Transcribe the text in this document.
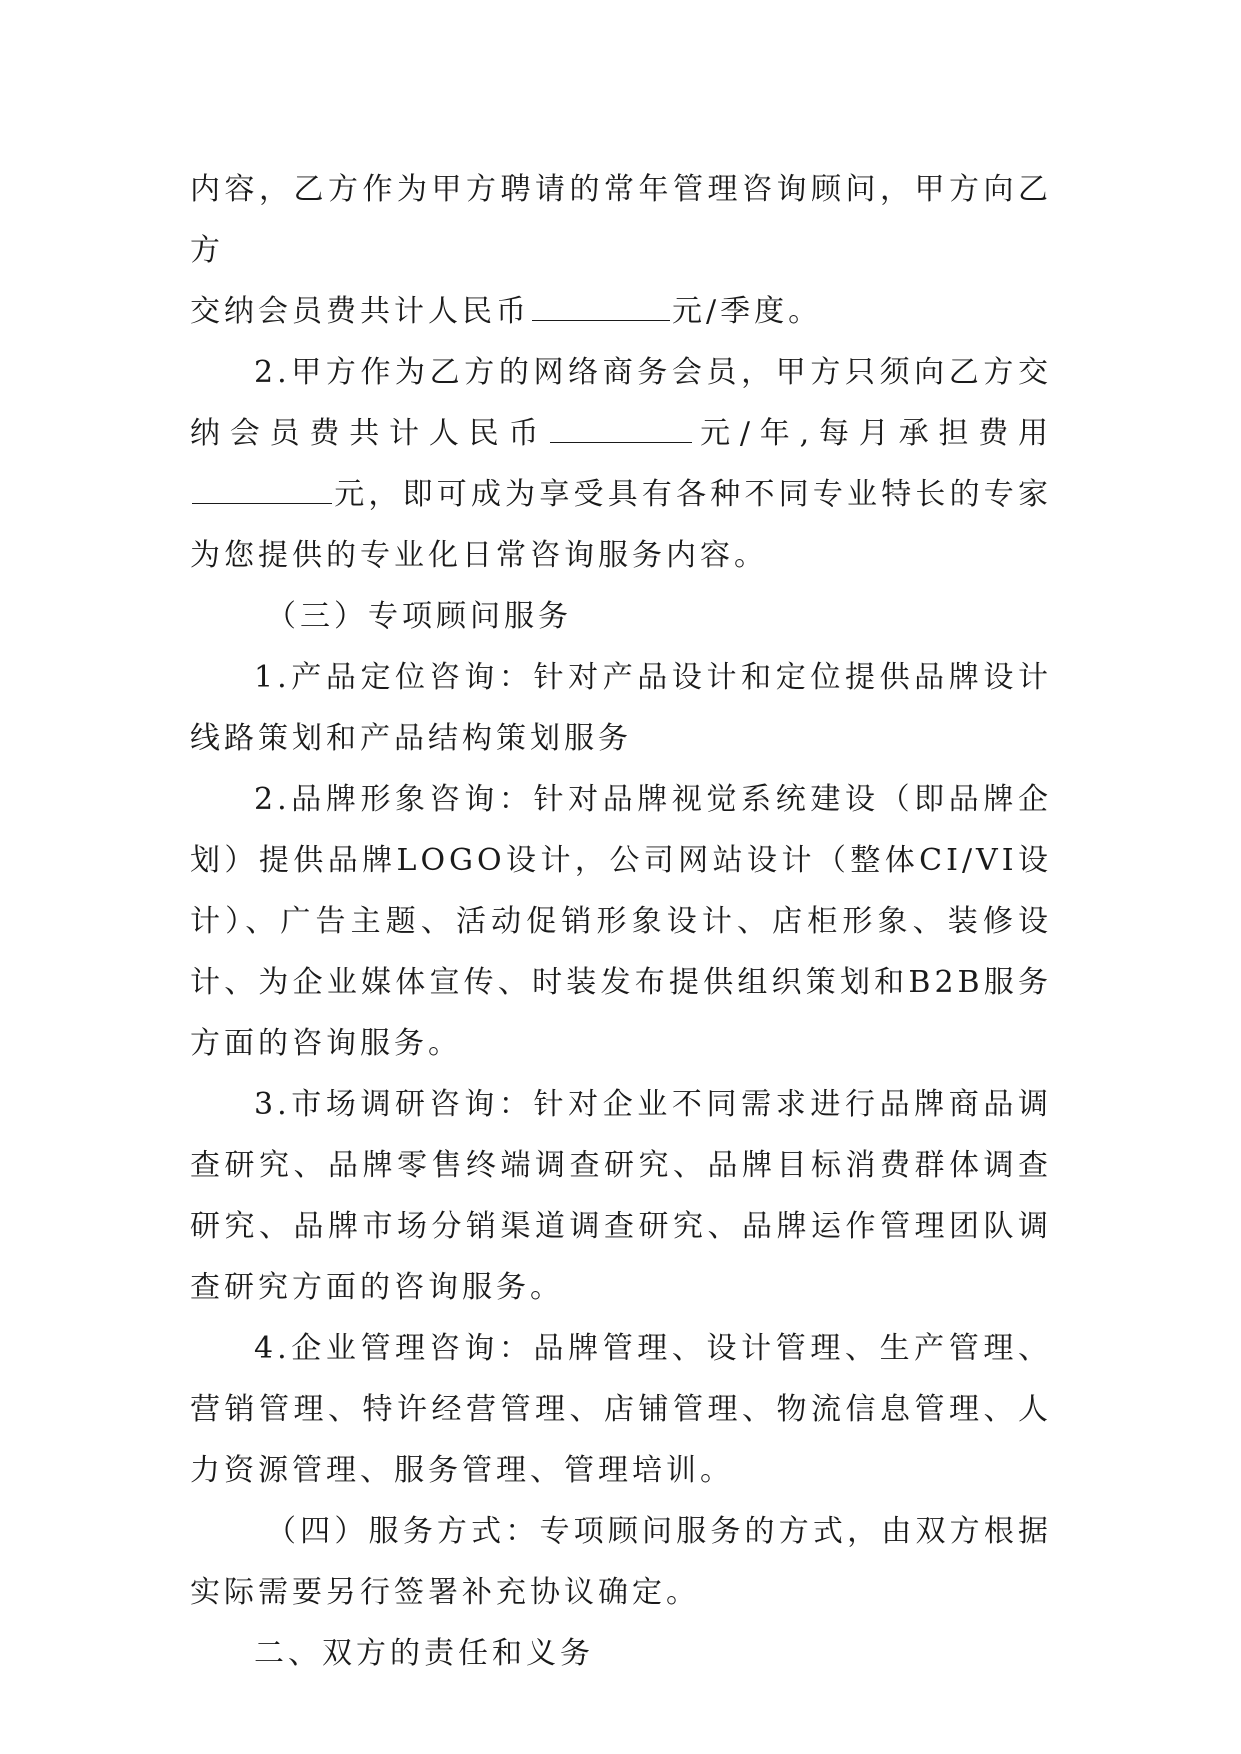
内容，乙方作为甲方聘请的常年管理咨询顾问，甲方向乙方
交纳会员费共计人民币	元/季度。

2.甲方作为乙方的网络商务会员，甲方只须向乙方交纳会员费共计人民币	元/年,每月承担费用元，即可成为享受具有各种不同专业特长的专家为您提供的专业化日常咨询服务内容。

（三）专项顾问服务

1.产品定位咨询：针对产品设计和定位提供品牌设计线路策划和产品结构策划服务

2.品牌形象咨询：针对品牌视觉系统建设（即品牌企划）提供品牌LOGO设计，公司网站设计（整体CI/VI设计）、广告主题、活动促销形象设计、店柜形象、装修设计、为企业媒体宣传、时装发布提供组织策划和B2B服务方面的咨询服务。

3.市场调研咨询：针对企业不同需求进行品牌商品调查研究、品牌零售终端调查研究、品牌目标消费群体调查研究、品牌市场分销渠道调查研究、品牌运作管理团队调查研究方面的咨询服务。

4.企业管理咨询：品牌管理、设计管理、生产管理、营销管理、特许经营管理、店铺管理、物流信息管理、人力资源管理、服务管理、管理培训。

（四）服务方式：专项顾问服务的方式，由双方根据实际需要另行签署补充协议确定。

二、双方的责任和义务
